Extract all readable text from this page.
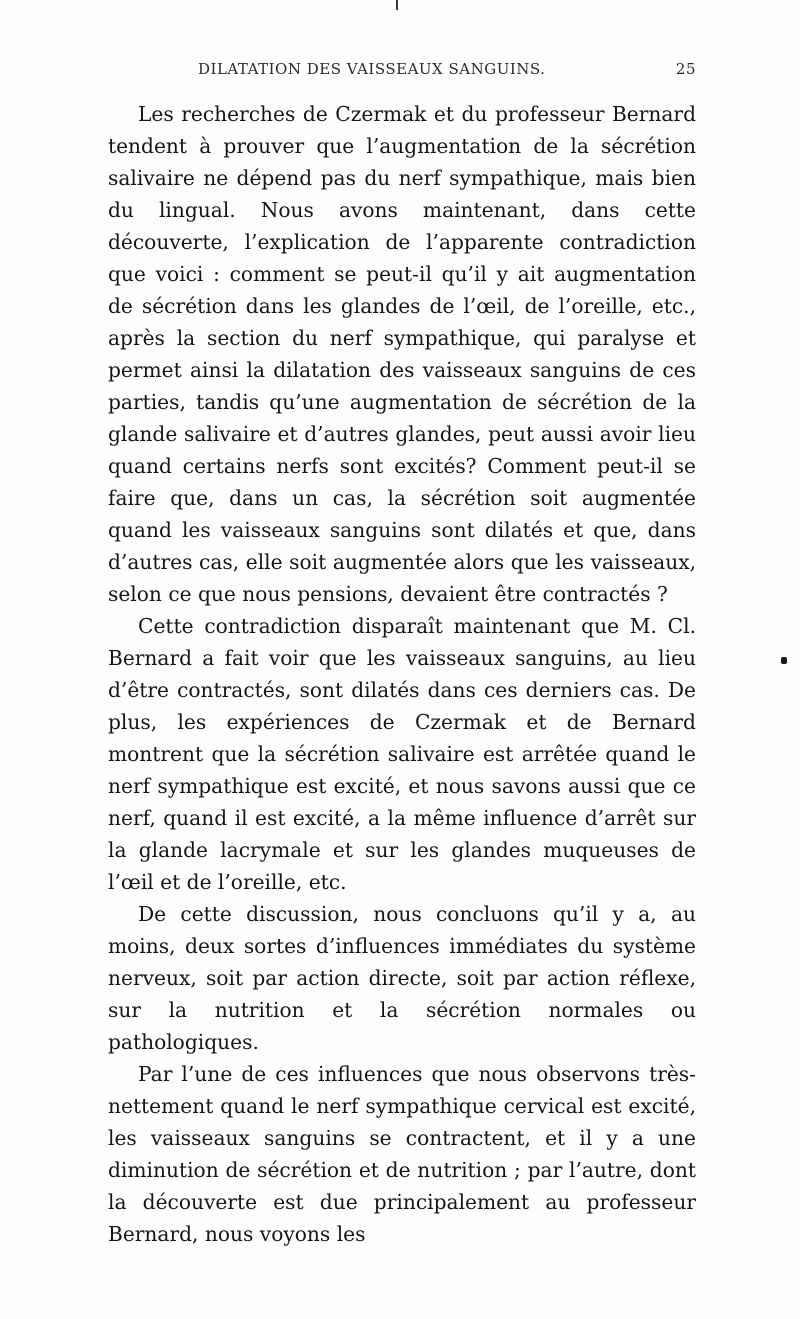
DILATATION DES VAISSEAUX SANGUINS.	25

Les recherches de Czermak et du professeur Bernard tendent à prouver que l’augmentation de la sécrétion salivaire ne dépend pas du nerf sympathique, mais bien du lingual. Nous avons maintenant, dans cette découverte, l’explication de l’apparente contradiction que voici : comment se peut-il qu’il y ait augmentation de sécrétion dans les glandes de l’œil, de l’oreille, etc., après la section du nerf sympathique, qui paralyse et permet ainsi la dilatation des vaisseaux sanguins de ces parties, tandis qu’une augmentation de sécrétion de la glande salivaire et d’autres glandes, peut aussi avoir lieu quand certains nerfs sont excités? Comment peut-il se faire que, dans un cas, la sécrétion soit augmentée quand les vaisseaux sanguins sont dilatés et que, dans d’autres cas, elle soit augmentée alors que les vaisseaux, selon ce que nous pensions, devaient être contractés ?

Cette contradiction disparaît maintenant que M. Cl. Bernard a fait voir que les vaisseaux sanguins, au lieu d’être contractés, sont dilatés dans ces derniers cas. De plus, les expériences de Czermak et de Bernard montrent que la sécrétion salivaire est arrêtée quand le nerf sympathique est excité, et nous savons aussi que ce nerf, quand il est excité, a la même influence d’arrêt sur la glande lacrymale et sur les glandes muqueuses de l’œil et de l’oreille, etc.

De cette discussion, nous concluons qu’il y a, au moins, deux sortes d’influences immédiates du système nerveux, soit par action directe, soit par action réflexe, sur la nutrition et la sécrétion normales ou pathologiques.

Par l’une de ces influences que nous observons très-nettement quand le nerf sympathique cervical est excité, les vaisseaux sanguins se contractent, et il y a une diminution de sécrétion et de nutrition ; par l’autre, dont la découverte est due principalement au professeur Bernard, nous voyons les
